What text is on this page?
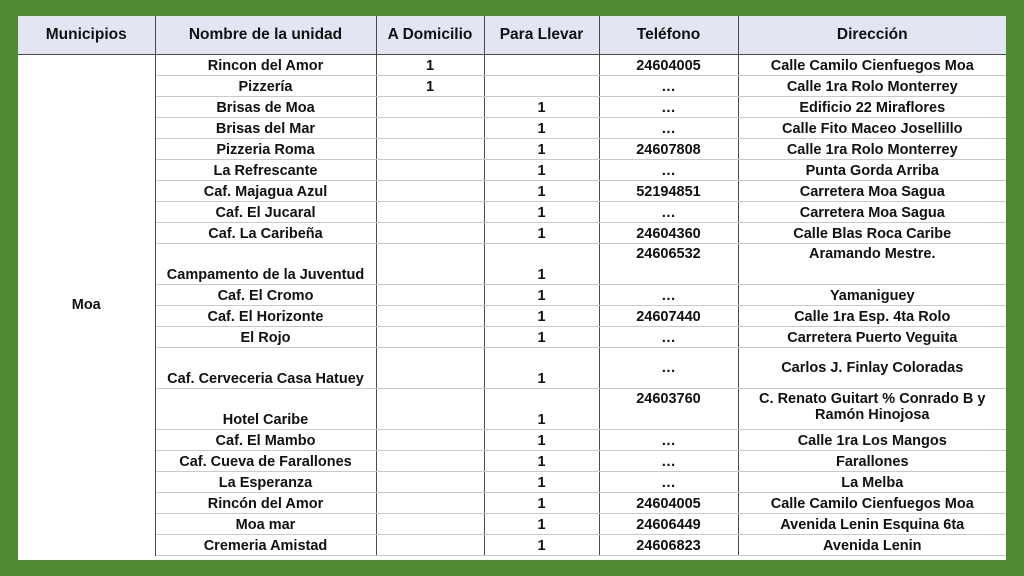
Municipios	Nombre de la unidad	A Domicilio	Para Llevar	Teléfono	Dirección
Moa	Rincon del Amor	1		24604005	Calle Camilo Cienfuegos Moa
	Pizzería	1		…	Calle 1ra Rolo Monterrey
	Brisas de Moa		1	…	Edificio 22 Miraflores
	Brisas del Mar		1	…	Calle Fito Maceo Josellillo
	Pizzeria Roma		1	24607808	Calle 1ra Rolo Monterrey
	La Refrescante		1	…	Punta Gorda Arriba
	Caf. Majagua Azul		1	52194851	Carretera Moa Sagua
	Caf. El Jucaral		1	…	Carretera Moa Sagua
	Caf. La Caribeña		1	24604360	Calle Blas Roca Caribe
	Campamento de la Juventud		1	24606532	Aramando Mestre.
	Caf. El Cromo		1	…	Yamaniguey
	Caf. El Horizonte		1	24607440	Calle 1ra Esp. 4ta Rolo
	El Rojo		1	…	Carretera Puerto Veguita
	Caf. Cerveceria Casa Hatuey		1	…	Carlos J. Finlay Coloradas
	Hotel Caribe		1	24603760	C. Renato Guitart % Conrado B y Ramón Hinojosa
	Caf. El Mambo		1	…	Calle 1ra Los Mangos
	Caf. Cueva de Farallones		1	…	Farallones
	La Esperanza		1	…	La Melba
	Rincón del Amor		1	24604005	Calle Camilo Cienfuegos Moa
	Moa mar		1	24606449	Avenida Lenin Esquina 6ta
	Cremeria Amistad		1	24606823	Avenida Lenin
